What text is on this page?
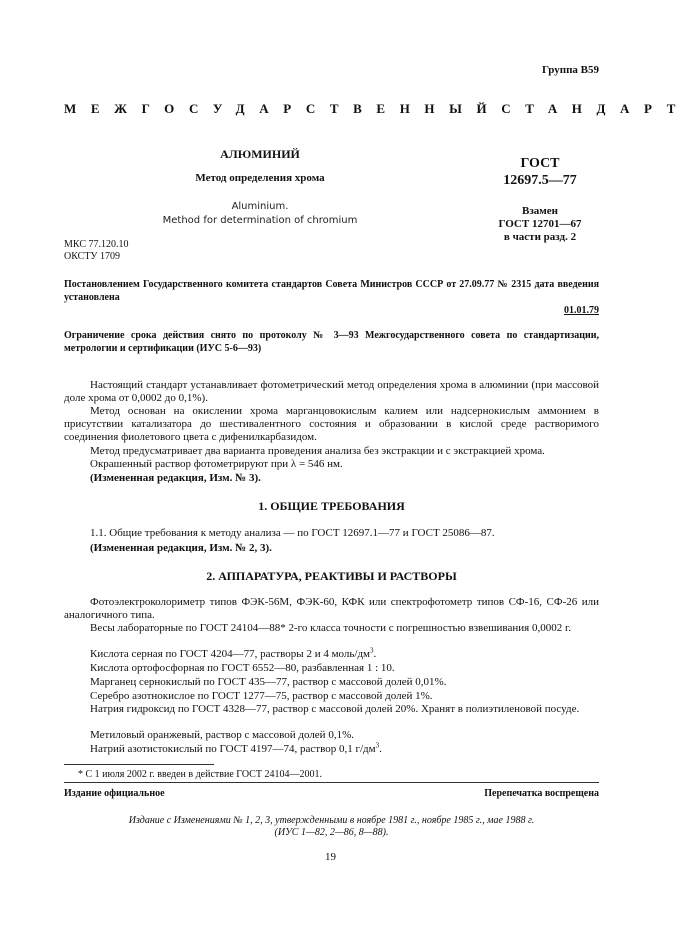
Группа В59
МЕЖГОСУДАРСТВЕННЫЙ СТАНДАРТ
АЛЮМИНИЙ
Метод определения хрома
Aluminium.
Method for determination of chromium
ГОСТ
12697.5—77
Взамен
ГОСТ 12701—67
в части разд. 2
МКС 77.120.10
ОКСТУ 1709
Постановлением Государственного комитета стандартов Совета Министров СССР от 27.09.77 № 2315 дата введения установлена
01.01.79
Ограничение срока действия снято по протоколу № 3—93 Межгосударственного совета по стандартизации, метрологии и сертификации (ИУС 5-6—93)
Настоящий стандарт устанавливает фотометрический метод определения хрома в алюминии (при массовой доле хрома от 0,0002 до 0,1%).
Метод основан на окислении хрома марганцовокислым калием или надсернокислым аммонием в присутствии катализатора до шестивалентного состояния и образовании в кислой среде растворимого соединения фиолетового цвета с дифенилкарбазидом.
Метод предусматривает два варианта проведения анализа без экстракции и с экстракцией хрома.
Окрашенный раствор фотометрируют при λ = 546 нм.
(Измененная редакция, Изм. № 3).
1. ОБЩИЕ ТРЕБОВАНИЯ
1.1. Общие требования к методу анализа — по ГОСТ 12697.1—77 и ГОСТ 25086—87.
(Измененная редакция, Изм. № 2, 3).
2. АППАРАТУРА, РЕАКТИВЫ И РАСТВОРЫ
Фотоэлектроколориметр типов ФЭК-56М, ФЭК-60, КФК или спектрофотометр типов СФ-16, СФ-26 или аналогичного типа.
Весы лабораторные по ГОСТ 24104—88* 2-го класса точности с погрешностью взвешивания 0,0002 г.
Кислота серная по ГОСТ 4204—77, растворы 2 и 4 моль/$дм^3$.
Кислота ортофосфорная по ГОСТ 6552—80, разбавленная 1 : 10.
Марганец сернокислый по ГОСТ 435—77, раствор с массовой долей 0,01%.
Серебро азотнокислое по ГОСТ 1277—75, раствор с массовой долей 1%.
Натрия гидроксид по ГОСТ 4328—77, раствор с массовой долей 20%. Хранят в полиэтиленовой посуде.
Метиловый оранжевый, раствор с массовой долей 0,1%.
Натрий азотистокислый по ГОСТ 4197—74, раствор 0,1 $г/дм^3$.
* С 1 июля 2002 г. введен в действие ГОСТ 24104—2001.
Издание официальное	Перепечатка воспрещена
Издание с Изменениями № 1, 2, 3, утвержденными в ноябре 1981 г., ноябре 1985 г., мае 1988 г.
(ИУС 1—82, 2—86, 8—88).
19
